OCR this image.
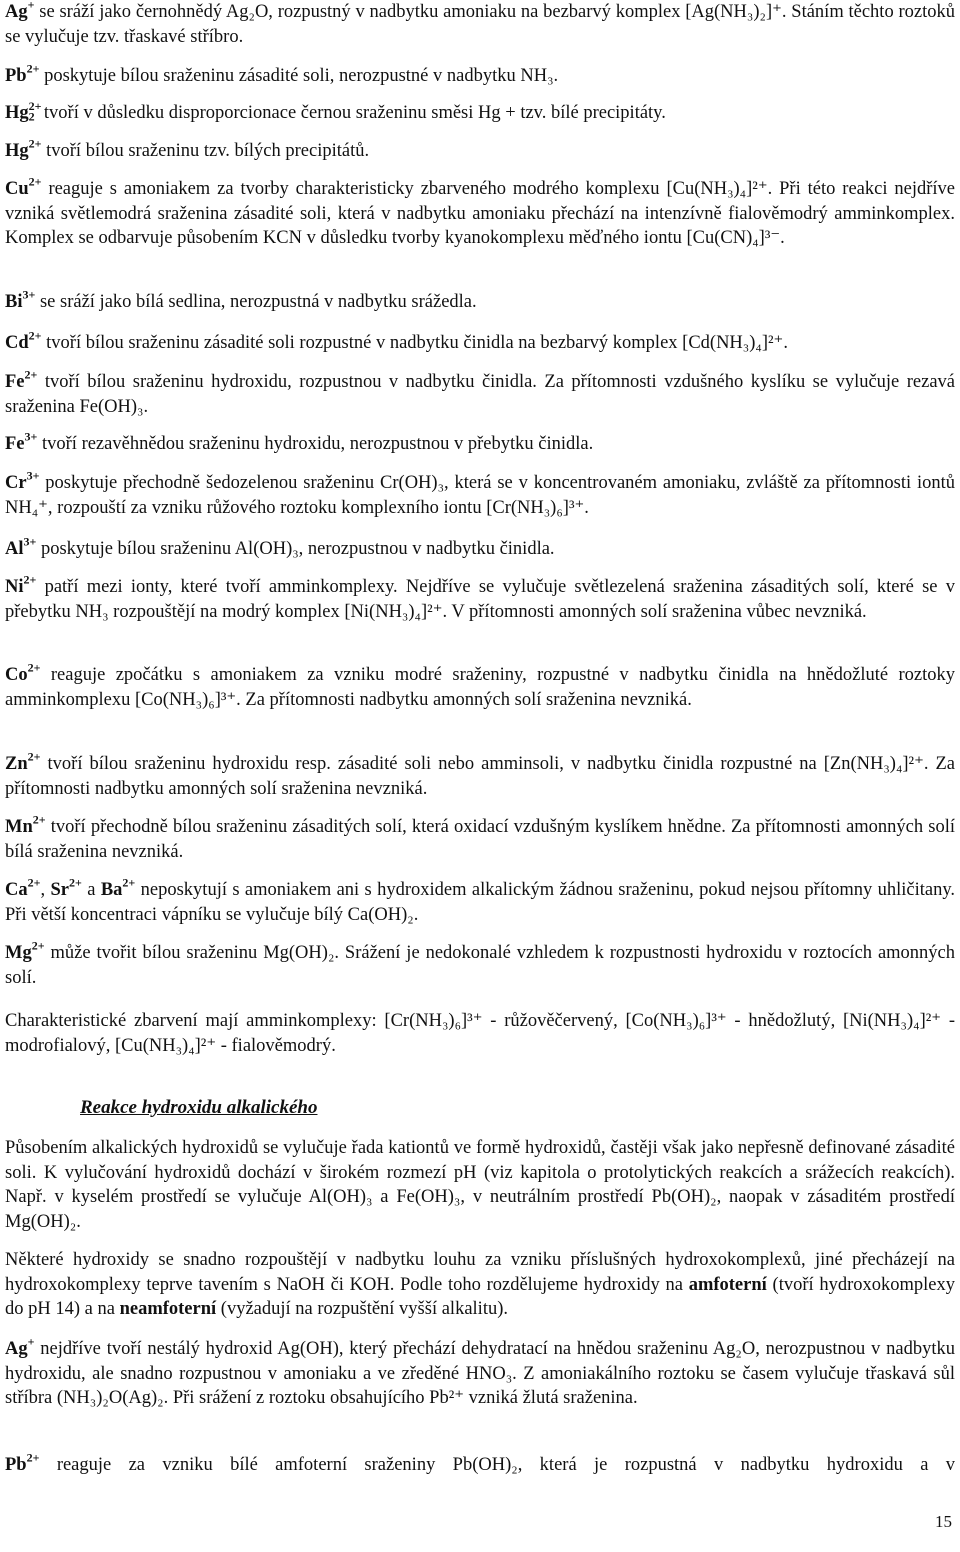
Ag+ se sráží jako černohnědý Ag₂O, rozpustný v nadbytku amoniaku na bezbarvý komplex [Ag(NH₃)₂]⁺. Stáním těchto roztoků se vylučuje tzv. třaskavé stříbro.
$Pb^{2+}$ poskytuje bílou sraženinu zásadité soli, nerozpustné v nadbytku NH₃.
Hg 2+
2 tvoří v důsledku disproporcionace černou sraženinu směsi Hg + tzv. bílé precipitáty.
$Hg^{2+}$ tvoří bílou sraženinu tzv. bílých precipitátů.
$Cu^{2+}$ reaguje s amoniakem za tvorby charakteristicky zbarveného modrého komplexu [Cu(NH₃)₄]²⁺. Při této reakci nejdříve vzniká světlemodrá sraženina zásadité soli, která v nadbytku amoniaku přechází na intenzívně fialověmodrý amminkomplex. Komplex se odbarvuje působením KCN v důsledku tvorby kyanokomplexu měďného iontu [Cu(CN)₄]³⁻.
$Bi^{3+}$ se sráží jako bílá sedlina, nerozpustná v nadbytku srážedla.
$Cd^{2+}$ tvoří bílou sraženinu zásadité soli rozpustné v nadbytku činidla na bezbarvý komplex [Cd(NH₃)₄]²⁺.
$Fe^{2+}$ tvoří bílou sraženinu hydroxidu, rozpustnou v nadbytku činidla. Za přítomnosti vzdušného kyslíku se vylučuje rezavá sraženina Fe(OH)₃.
$Fe^{3+}$ tvoří rezavěhnědou sraženinu hydroxidu, nerozpustnou v přebytku činidla.
$Cr^{3+}$ poskytuje přechodně šedozelenou sraženinu Cr(OH)₃, která se v koncentrovaném amoniaku, zvláště za přítomnosti iontů NH₄⁺, rozpouští za vzniku růžového roztoku komplexního iontu [Cr(NH₃)₆]³⁺.
$Al^{3+}$ poskytuje bílou sraženinu Al(OH)₃, nerozpustnou v nadbytku činidla.
$Ni^{2+}$ patří mezi ionty, které tvoří amminkomplexy. Nejdříve se vylučuje světlezelená sraženina zásaditých solí, které se v přebytku NH₃ rozpouštějí na modrý komplex [Ni(NH₃)₄]²⁺. V přítomnosti amonných solí sraženina vůbec nevzniká.
$Co^{2+}$ reaguje zpočátku s amoniakem za vzniku modré sraženiny, rozpustné v nadbytku činidla na hnědožluté roztoky amminkomplexu [Co(NH₃)₆]³⁺. Za přítomnosti nadbytku amonných solí sraženina nevzniká.
$Zn^{2+}$ tvoří bílou sraženinu hydroxidu resp. zásadité soli nebo amminsoli, v nadbytku činidla rozpustné na [Zn(NH₃)₄]²⁺. Za přítomnosti nadbytku amonných solí sraženina nevzniká.
$Mn^{2+}$ tvoří přechodně bílou sraženinu zásaditých solí, která oxidací vzdušným kyslíkem hnědne. Za přítomnosti amonných solí bílá sraženina nevzniká.
$Ca^{2+}$, $Sr^{2+}$ a $Ba^{2+}$ neposkytují s amoniakem ani s hydroxidem alkalickým žádnou sraženinu, pokud nejsou přítomny uhličitany. Při větší koncentraci vápníku se vylučuje bílý Ca(OH)₂.
$Mg^{2+}$ může tvořit bílou sraženinu Mg(OH)₂. Srážení je nedokonalé vzhledem k rozpustnosti hydroxidu v roztocích amonných solí.
Charakteristické zbarvení mají amminkomplexy: [Cr(NH₃)₆]³⁺ - růžověčervený, [Co(NH₃)₆]³⁺ - hnědožlutý, [Ni(NH₃)₄]²⁺ - modrofialový, [Cu(NH₃)₄]²⁺ - fialověmodrý.
Reakce hydroxidu alkalického
Působením alkalických hydroxidů se vylučuje řada kationtů ve formě hydroxidů, častěji však jako nepřesně definované zásadité soli. K vylučování hydroxidů dochází v širokém rozmezí pH (viz kapitola o protolytických reakcích a srážecích reakcích). Např. v kyselém prostředí se vylučuje Al(OH)₃ a Fe(OH)₃, v neutrálním prostředí Pb(OH)₂, naopak v zásaditém prostředí Mg(OH)₂.
Některé hydroxidy se snadno rozpouštějí v nadbytku louhu za vzniku příslušných hydroxokomplexů, jiné přecházejí na hydroxokomplexy teprve tavením s NaOH či KOH. Podle toho rozdělujeme hydroxidy na amfoterní (tvoří hydroxokomplexy do pH 14) a na neamfoterní (vyžadují na rozpuštění vyšší alkalitu).
Ag+ nejdříve tvoří nestálý hydroxid Ag(OH), který přechází dehydratací na hnědou sraženinu Ag₂O, nerozpustnou v nadbytku hydroxidu, ale snadno rozpustnou v amoniaku a ve zředěné HNO₃. Z amoniakálního roztoku se časem vylučuje třaskavá sůl stříbra (NH₃)₂O(Ag)₂. Při srážení z roztoku obsahujícího Pb²⁺ vzniká žlutá sraženina.
$Pb^{2+}$ reaguje za vzniku bílé amfoterní sraženiny Pb(OH)₂, která je rozpustná v nadbytku hydroxidu a v
15
